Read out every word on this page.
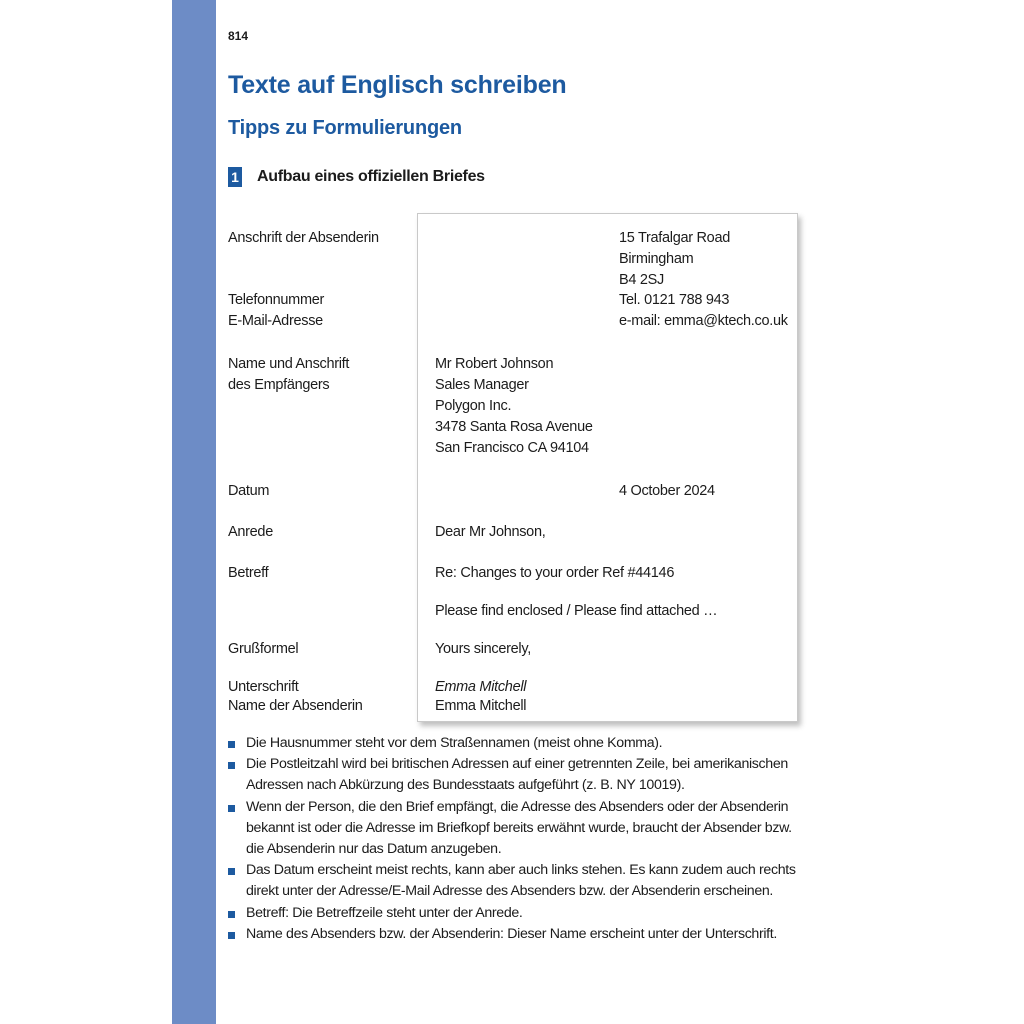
814
Texte auf Englisch schreiben
Tipps zu Formulierungen
1 Aufbau eines offiziellen Briefes
Anschrift der Absenderin
Telefonnummer
E-Mail-Adresse
Name und Anschrift
des Empfängers
Datum
Anrede
Betreff
Grußformel
Unterschrift
Name der Absenderin
15 Trafalgar Road
Birmingham
B4 2SJ
Tel. 0121 788 943
e-mail: emma@ktech.co.uk
Mr Robert Johnson
Sales Manager
Polygon Inc.
3478 Santa Rosa Avenue
San Francisco CA 94104
4 October 2024
Dear Mr Johnson,
Re: Changes to your order Ref #44146
Please find enclosed / Please find attached …
Yours sincerely,
Emma Mitchell
Emma Mitchell
Die Hausnummer steht vor dem Straßennamen (meist ohne Komma).
Die Postleitzahl wird bei britischen Adressen auf einer getrennten Zeile, bei amerikanischen Adressen nach Abkürzung des Bundesstaats aufgeführt (z. B. NY 10019).
Wenn der Person, die den Brief empfängt, die Adresse des Absenders oder der Absenderin bekannt ist oder die Adresse im Briefkopf bereits erwähnt wurde, braucht der Absender bzw. die Absenderin nur das Datum anzugeben.
Das Datum erscheint meist rechts, kann aber auch links stehen. Es kann zudem auch rechts direkt unter der Adresse/E-Mail Adresse des Absenders bzw. der Absenderin erscheinen.
Betreff: Die Betreffzeile steht unter der Anrede.
Name des Absenders bzw. der Absenderin: Dieser Name erscheint unter der Unterschrift.
